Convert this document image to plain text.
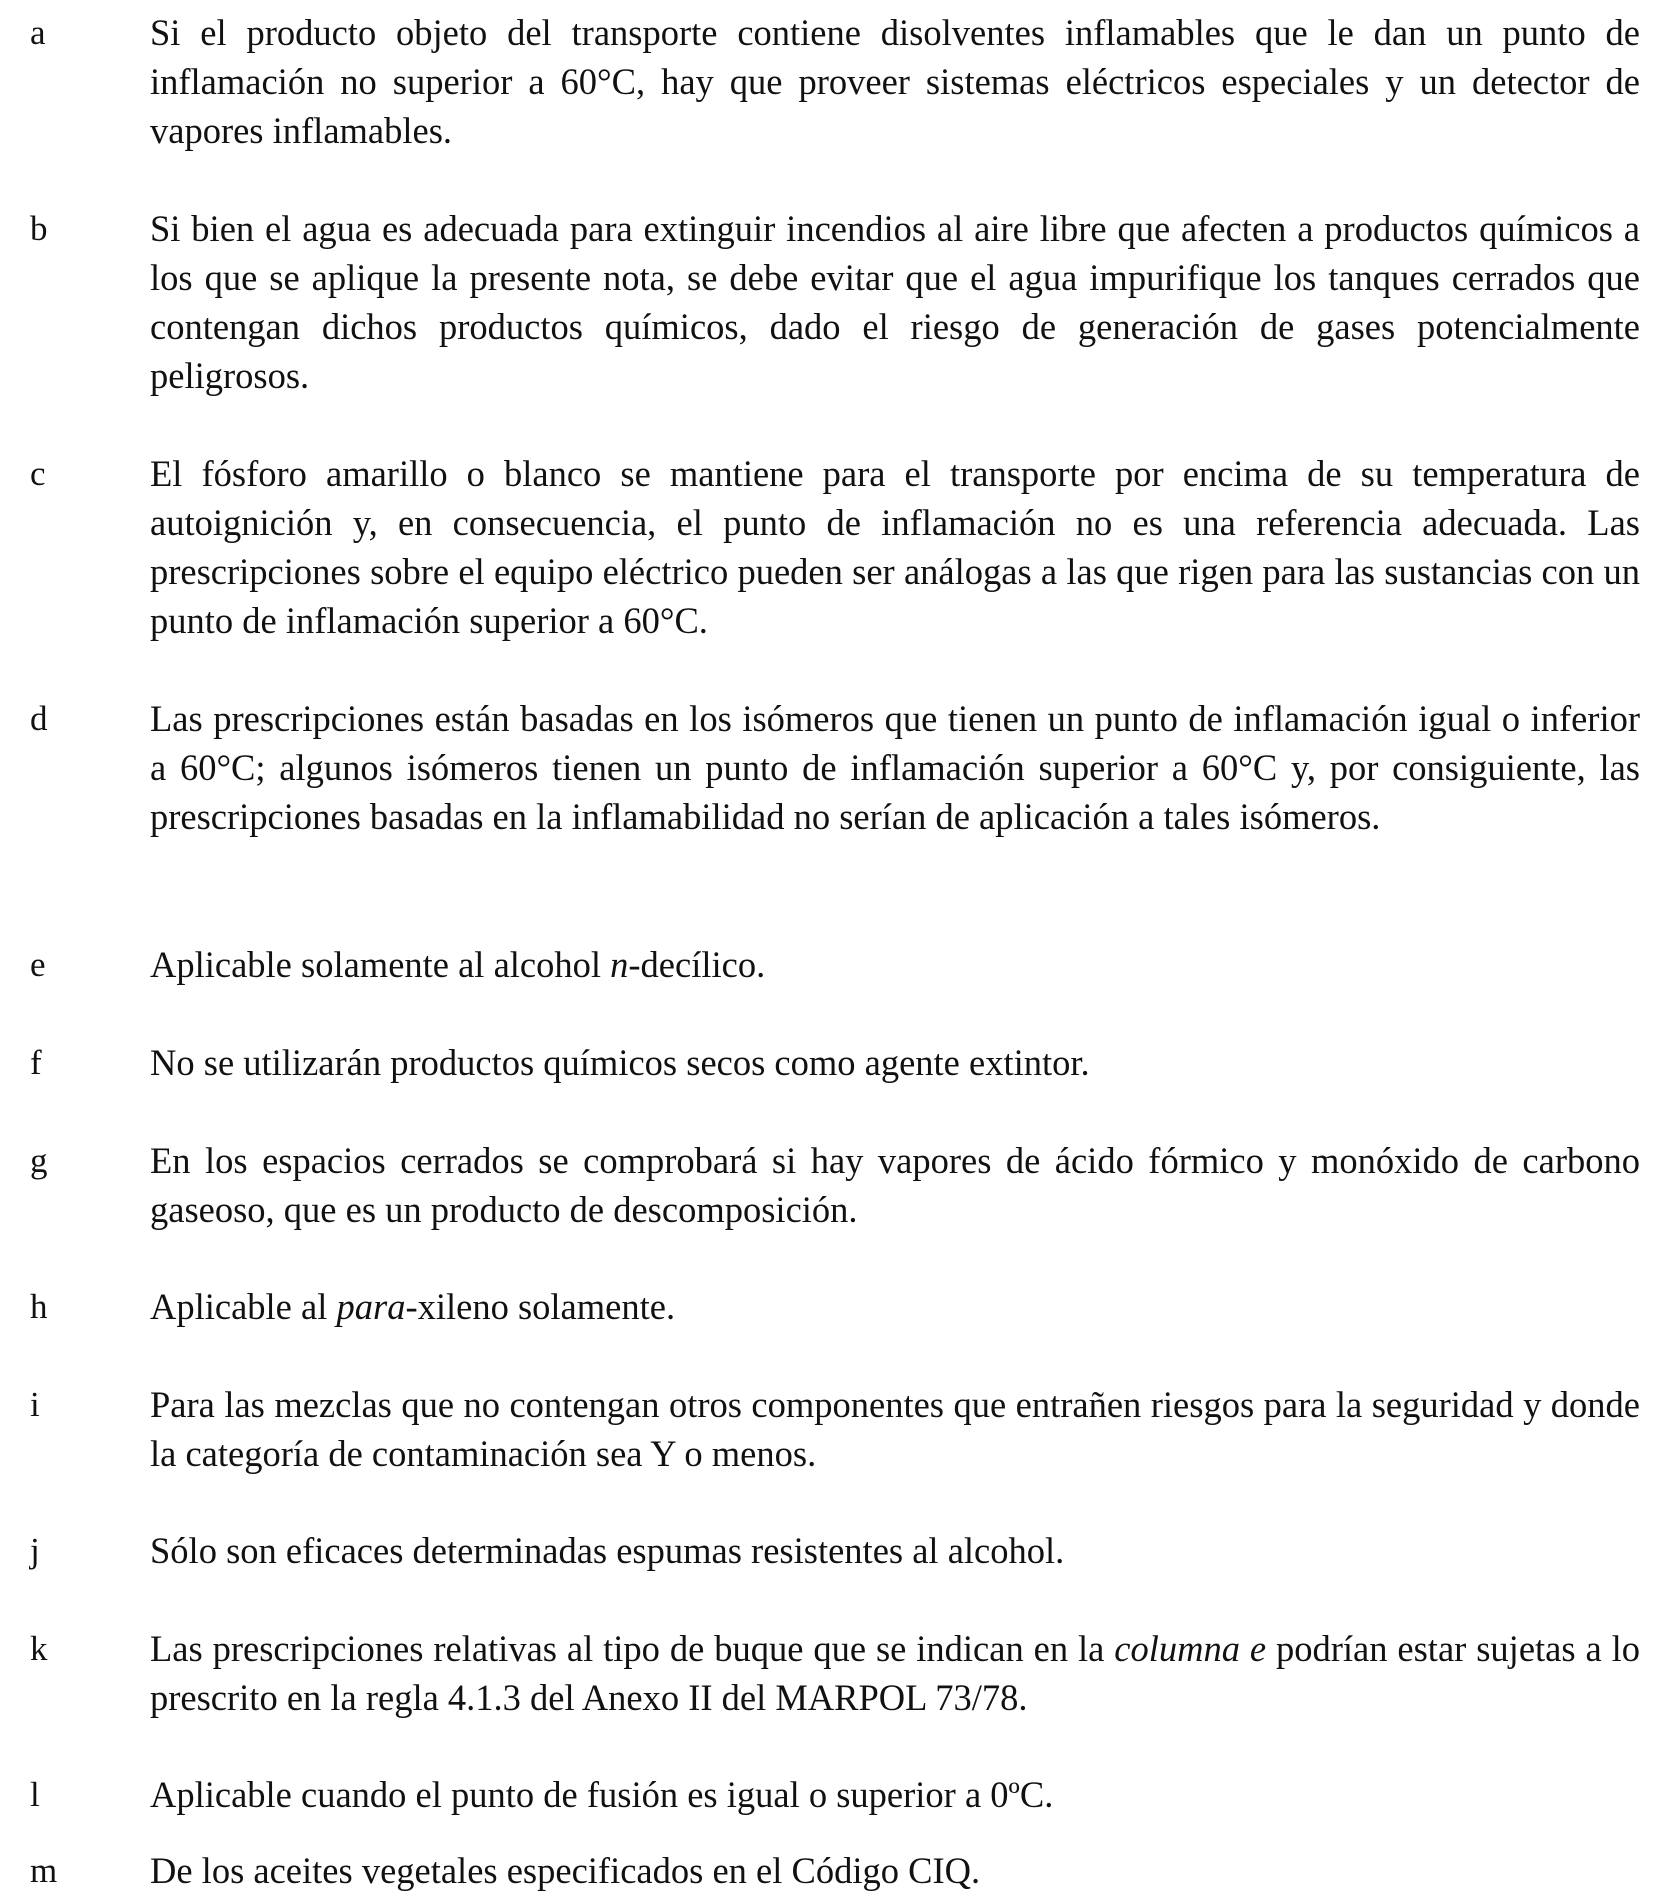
a	Si el producto objeto del transporte contiene disolventes inflamables que le dan un punto de inflamación no superior a 60°C, hay que proveer sistemas eléctricos especiales y un detector de vapores inflamables.
b	Si bien el agua es adecuada para extinguir incendios al aire libre que afecten a productos químicos a los que se aplique la presente nota, se debe evitar que el agua impurifique los tanques cerrados que contengan dichos productos químicos, dado el riesgo de generación de gases potencialmente peligrosos.
c	El fósforo amarillo o blanco se mantiene para el transporte por encima de su temperatura de autoignición y, en consecuencia, el punto de inflamación no es una referencia adecuada. Las prescripciones sobre el equipo eléctrico pueden ser análogas a las que rigen para las sustancias con un punto de inflamación superior a 60°C.
d	Las prescripciones están basadas en los isómeros que tienen un punto de inflamación igual o inferior a 60°C; algunos isómeros tienen un punto de inflamación superior a 60°C y, por consiguiente, las prescripciones basadas en la inflamabilidad no serían de aplicación a tales isómeros.
e	Aplicable solamente al alcohol n-decílico.
f	No se utilizarán productos químicos secos como agente extintor.
g	En los espacios cerrados se comprobará si hay vapores de ácido fórmico y monóxido de carbono gaseoso, que es un producto de descomposición.
h	Aplicable al para-xileno solamente.
i	Para las mezclas que no contengan otros componentes que entrañen riesgos para la seguridad y donde la categoría de contaminación sea Y o menos.
j	Sólo son eficaces determinadas espumas resistentes al alcohol.
k	Las prescripciones relativas al tipo de buque que se indican en la columna e podrían estar sujetas a lo prescrito en la regla 4.1.3 del Anexo II del MARPOL 73/78.
l	Aplicable cuando el punto de fusión es igual o superior a 0ºC.
m	De los aceites vegetales especificados en el Código CIQ.
